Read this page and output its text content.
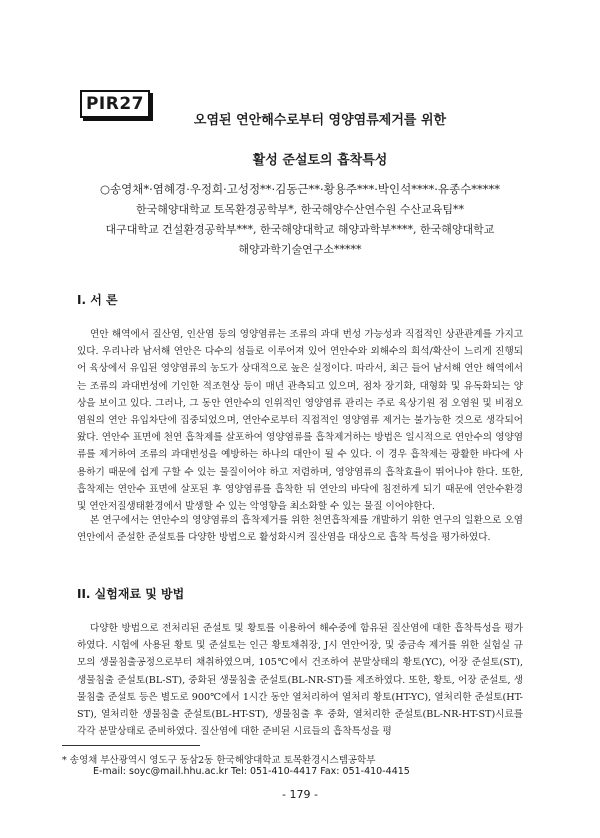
PIR27
오염된 연안해수로부터 영양염류제거를 위한
활성 준설토의 흡착특성
○송영채*·염혜경·우정희·고성정**·김동근**·황용주***·박인석****·유종수*****
한국해양대학교 토목환경공학부*, 한국해양수산연수원 수산교육팀**
대구대학교 건설환경공학부***, 한국해양대학교 해양과학부****, 한국해양대학교
해양과학기술연구소*****
I. 서 론
연안 해역에서 질산염, 인산염 등의 영양염류는 조류의 과대 번성 가능성과 직접적인 상관관계를 가지고 있다. 우리나라 남서해 연안은 다수의 섬들로 이루어져 있어 연안수와 외해수의 희석/확산이 느리게 진행되어 육상에서 유입된 영양염류의 농도가 상대적으로 높은 실정이다. 따라서, 최근 들어 남서해 연안 해역에서는 조류의 과대번성에 기인한 적조현상 등이 매년 관측되고 있으며, 점차 장기화, 대형화 및 유독화되는 양상을 보이고 있다. 그러나, 그 동안 연안수의 인위적인 영양염류 관리는 주로 육상기원 점 오염원 및 비점오염원의 연안 유입차단에 집중되었으며, 연안수로부터 직접적인 영양염류 제거는 불가능한 것으로 생각되어 왔다. 연안수 표면에 천연 흡착제를 살포하여 영양염류를 흡착제거하는 방법은 일시적으로 연안수의 영양염류를 제거하여 조류의 과대번성을 예방하는 하나의 대안이 될 수 있다. 이 경우 흡착제는 광활한 바다에 사용하기 때문에 쉽게 구할 수 있는 물질이어야 하고 저렴하며, 영양염류의 흡착효율이 뛰어나야 한다. 또한, 흡착제는 연안수 표면에 살포된 후 영양염류를 흡착한 뒤 연안의 바닥에 침전하게 되기 때문에 연안수환경 및 연안저질생태환경에서 발생할 수 있는 악영향을 최소화할 수 있는 물질 이어야한다.
본 연구에서는 연안수의 영양염류의 흡착제거를 위한 천연흡착제를 개발하기 위한 연구의 일환으로 오염연안에서 준설한 준설토를 다양한 방법으로 활성화시켜 질산염을 대상으로 흡착 특성을 평가하였다.
II. 실험재료 및 방법
다양한 방법으로 전처리된 준설토 및 황토를 이용하여 해수중에 함유된 질산염에 대한 흡착특성을 평가하였다. 시험에 사용된 황토 및 준설토는 인근 황토채취장, J시 연안어장, 및 중금속 제거를 위한 실험실 규모의 생물침출공정으로부터 채취하였으며, 105℃에서 건조하여 분말상태의 황토(YC), 어장 준설토(ST), 생물침출 준설토(BL-ST), 중화된 생물침출 준설토(BL-NR-ST)를 제조하였다. 또한, 황토, 어장 준설토, 생물침출 준설토 등은 별도로 900℃에서 1시간 동안 열처리하여 열처리 황토(HT-YC), 열처리한 준설토(HT-ST), 열처리한 생물침출 준설토(BL-HT-ST), 생물침출 후 중화, 열처리한 준설토(BL-NR-HT-ST)시료를 각각 분말상태로 준비하였다. 질산염에 대한 준비된 시료들의 흡착특성을 평
* 송영채 부산광역시 영도구 동삼2동 한국해양대학교 토목환경시스템공학부
E-mail: soyc@mail.hhu.ac.kr Tel: 051-410-4417 Fax: 051-410-4415
- 179 -
